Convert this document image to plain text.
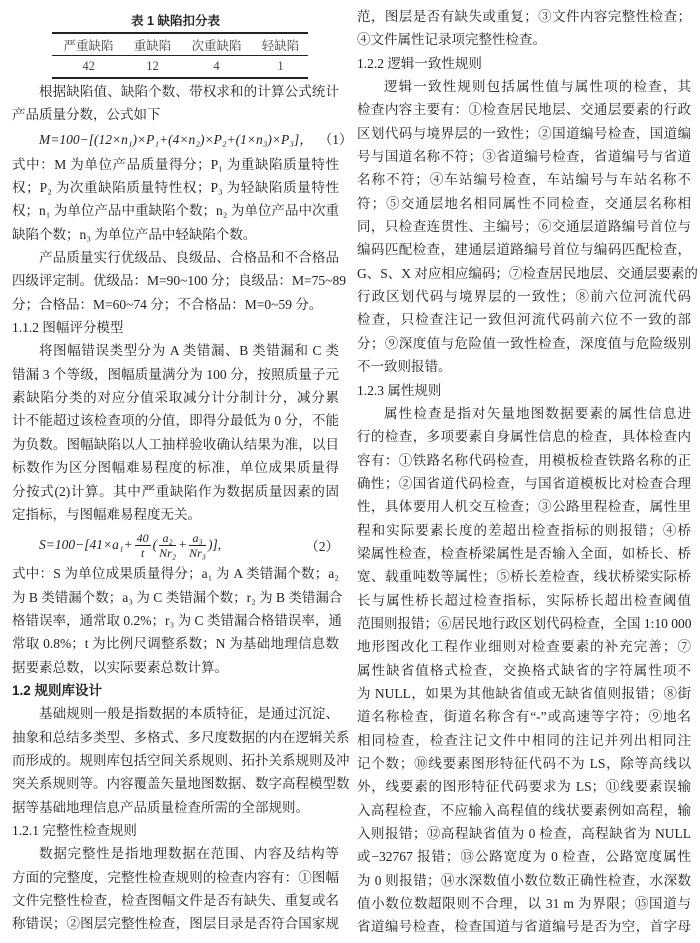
表 1 缺陷扣分表
严重缺陷	重缺陷	次重缺陷	轻缺陷
42	12	4	1
根据缺陷值、缺陷个数、带权求和的计算公式统计
产品质量分数，公式如下
M=100−[(12×n₁)×P₁+(4×n₂)×P₂+(1×n₃)×P₃]， （1）
式中：M 为单位产品质量得分；P₁ 为重缺陷质量特性
权；P₂ 为次重缺陷质量特性权；P₃ 为轻缺陷质量特性
权；n₁ 为单位产品中重缺陷个数；n₂ 为单位产品中次重
缺陷个数；n₃ 为单位产品中轻缺陷个数。
产品质量实行优级品、良级品、合格品和不合格品
四级评定制。优级品：M=90~100 分；良级品：M=75~89
分；合格品：M=60~74 分；不合格品：M=0~59 分。
1.1.2 图幅评分模型
将图幅错误类型分为 A 类错漏、B 类错漏和 C 类
错漏 3 个等级，图幅质量满分为 100 分，按照质量子元
素缺陷分类的对应分值采取减分计分制计分，减分累
计不能超过该检查项的分值，即得分最低为 0 分，不能
为负数。图幅缺陷以人工抽样验收确认结果为准，以目
标数作为区分图幅难易程度的标准，单位成果质量得
分按式(2)计算。其中严重缺陷作为数据质量因素的固
定指标，与图幅难易程度无关。
$S=100-[41\times a_1+ \frac{40}{t}$ ( $\frac{\text{a₂}}{\text{Nr₂}} + \frac{\text{a₃}}{\text{Nr₃}}$ )],	（2）
式中：S 为单位成果质量得分；a₁ 为 A 类错漏个数；a₂
为 B 类错漏个数；a₃ 为 C 类错漏个数；r₂ 为 B 类错漏合
格错误率，通常取 0.2%；r₃ 为 C 类错漏合格错误率，通
常取 0.8%；t 为比例尺调整系数；N 为基础地理信息数
据要素总数，以实际要素总数计算。
1.2 规则库设计
基础规则一般是指数据的本质特征，是通过沉淀、
抽象和总结多类型、多格式、多尺度数据的内在逻辑关系
而形成的。规则库包括空间关系规则、拓扑关系规则及冲
突关系规则等。内容覆盖矢量地图数据、数字高程模型数
据等基础地理信息产品质量检查所需的全部规则。
1.2.1 完整性检查规则
数据完整性是指地理数据在范围、内容及结构等
方面的完整度，完整性检查规则的检查内容有：①图幅
文件完整性检查，检查图幅文件是否有缺失、重复或名
称错误；②图层完整性检查，图层目录是否符合国家规
范，图层是否有缺失或重复；③文件内容完整性检查；
④文件属性记录项完整性检查。
1.2.2 逻辑一致性规则
逻辑一致性规则包括属性值与属性项的检查，其
检查内容主要有：①检查居民地层、交通层要素的行政
区划代码与境界层的一致性；②国道编号检查，国道编
号与国道名称不符；③省道编号检查，省道编号与省道
名称不符；④车站编号检查，车站编号与车站名称不
符；⑤交通层地名相同属性不同检查，交通层名称相
同，只检查连贯性、主编号；⑥交通层道路编号首位与
编码匹配检查，建通层道路编号首位与编码匹配检查，
G、S、X 对应相应编码；⑦检查居民地层、交通层要素的
行政区划代码与境界层的一致性；⑧前六位河流代码
检查，只检查注记一致但河流代码前六位不一致的部
分；⑨深度值与危险值一致性检查，深度值与危险级别
不一致则报错。
1.2.3 属性规则
属性检查是指对矢量地图数据要素的属性信息进
行的检查，多项要素自身属性信息的检查，具体检查内
容有：①铁路名称代码检查，用模板检查铁路名称的正
确性；②国省道代码检查，与国省道模板比对检查合理
性，具体要用人机交互检查；③公路里程检查，属性里
程和实际要素长度的差超出检查指标的则报错；④桥
梁属性检查，检查桥梁属性是否输入全面，如桥长、桥
宽、载重吨数等属性；⑤桥长差检查，线状桥梁实际桥
长与属性桥长超过检查指标，实际桥长超出检查阈值
范围则报错；⑥居民地行政区划代码检查，全国 1:10 000
地形图改化工程作业细则对检查要素的补充完善；⑦
属性缺省值格式检查，交换格式缺省的字符属性项不
为 NULL，如果为其他缺省值或无缺省值则报错；⑧街
道名称检查，街道名称含有“-”或高速等字符；⑨地名
相同检查，检查注记文件中相同的注记并列出相同注
记个数；⑩线要素图形特征代码不为 LS，除等高线以
外，线要素的图形特征代码要求为 LS；⑪线要素误输
入高程检查，不应输入高程值的线状要素例如高程，输
入则报错；⑫高程缺省值为 0 检查，高程缺省为 NULL
或−32767 报错；⑬公路宽度为 0 检查，公路宽度属性
为 0 则报错；⑭水深数值小数位数正确性检查，水深数
值小数位数超限则不合理，以 31 m 为界限；⑮国道与
省道编号检查，检查国道与省道编号是否为空，首字母
